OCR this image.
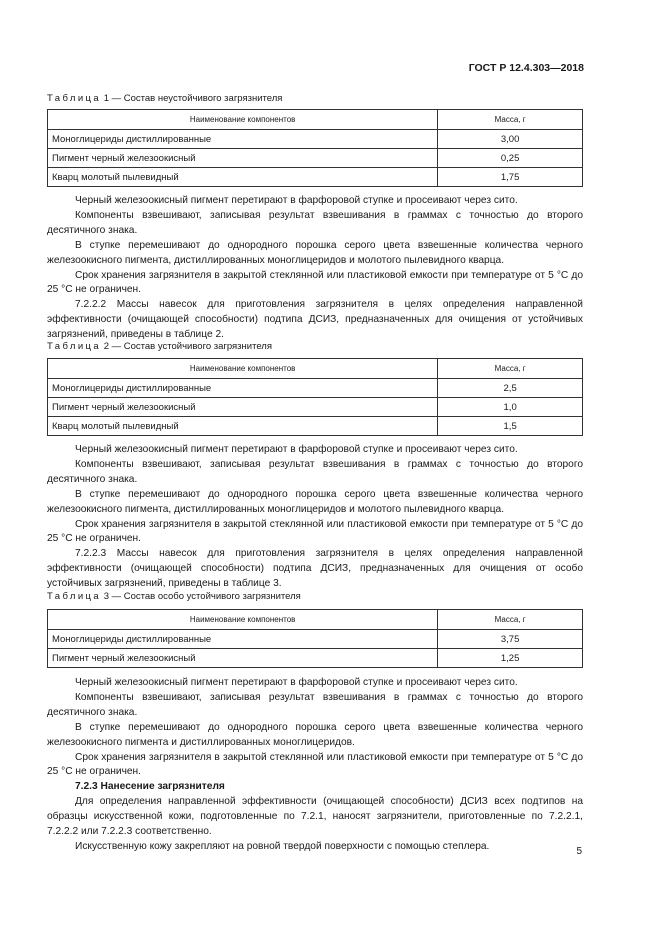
ГОСТ Р 12.4.303—2018
Таблица 1 — Состав неустойчивого загрязнителя
Наименование компонентов	Масса, г
Моноглицериды дистиллированные	3,00
Пигмент черный железоокисный	0,25
Кварц молотый пылевидный	1,75

Черный железоокисный пигмент перетирают в фарфоровой ступке и просеивают через сито.

Компоненты взвешивают, записывая результат взвешивания в граммах с точностью до второго десятичного знака.

В ступке перемешивают до однородного порошка серого цвета взвешенные количества черного железоокисного пигмента, дистиллированных моноглицеридов и молотого пылевидного кварца.

Срок хранения загрязнителя в закрытой стеклянной или пластиковой емкости при температуре от 5 °С до 25 °С не ограничен.

7.2.2.2 Массы навесок для приготовления загрязнителя в целях определения направленной эффективности (очищающей способности) подтипа ДСИЗ, предназначенных для очищения от устойчивых загрязнений, приведены в таблице 2.

Таблица 2 — Состав устойчивого загрязнителя
Наименование компонентов	Масса, г
Моноглицериды дистиллированные	2,5
Пигмент черный железоокисный	1,0
Кварц молотый пылевидный	1,5

Черный железоокисный пигмент перетирают в фарфоровой ступке и просеивают через сито.

Компоненты взвешивают, записывая результат взвешивания в граммах с точностью до второго десятичного знака.

В ступке перемешивают до однородного порошка серого цвета взвешенные количества черного железоокисного пигмента, дистиллированных моноглицеридов и молотого пылевидного кварца.

Срок хранения загрязнителя в закрытой стеклянной или пластиковой емкости при температуре от 5 °С до 25 °С не ограничен.

7.2.2.3 Массы навесок для приготовления загрязнителя в целях определения направленной эффективности (очищающей способности) подтипа ДСИЗ, предназначенных для очищения от особо устойчивых загрязнений, приведены в таблице 3.

Таблица 3 — Состав особо устойчивого загрязнителя
Наименование компонентов	Масса, г
Моноглицериды дистиллированные	3,75
Пигмент черный железоокисный	1,25

Черный железоокисный пигмент перетирают в фарфоровой ступке и просеивают через сито.

Компоненты взвешивают, записывая результат взвешивания в граммах с точностью до второго десятичного знака.

В ступке перемешивают до однородного порошка серого цвета взвешенные количества черного железоокисного пигмента и дистиллированных моноглицеридов.

Срок хранения загрязнителя в закрытой стеклянной или пластиковой емкости при температуре от 5 °С до 25 °С не ограничен.

7.2.3 Нанесение загрязнителя

Для определения направленной эффективности (очищающей способности) ДСИЗ всех подтипов на образцы искусственной кожи, подготовленные по 7.2.1, наносят загрязнители, приготовленные по 7.2.2.1, 7.2.2.2 или 7.2.2.3 соответственно.

Искусственную кожу закрепляют на ровной твердой поверхности с помощью степлера.	5
